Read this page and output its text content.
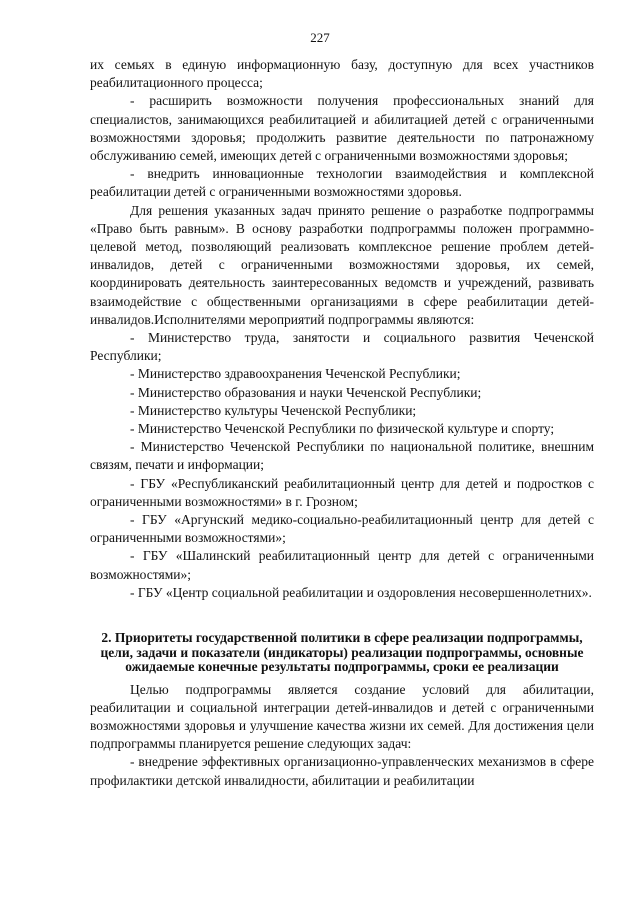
227

их семьях в единую информационную базу, доступную для всех участников реабилитационного процесса;

- расширить возможности получения профессиональных знаний для специалистов, занимающихся реабилитацией и абилитацией детей с ограниченными возможностями здоровья; продолжить развитие деятельности по патронажному обслуживанию семей, имеющих детей с ограниченными возможностями здоровья;

- внедрить инновационные технологии взаимодействия и комплексной реабилитации детей с ограниченными возможностями здоровья.

Для решения указанных задач принято решение о разработке подпрограммы «Право быть равным». В основу разработки подпрограммы положен программно-целевой метод, позволяющий реализовать комплексное решение проблем детей-инвалидов, детей с ограниченными возможностями здоровья, их семей, координировать деятельность заинтересованных ведомств и учреждений, развивать взаимодействие с общественными организациями в сфере реабилитации детей-инвалидов.Исполнителями мероприятий подпрограммы являются:

- Министерство труда, занятости и социального развития Чеченской Республики;

- Министерство здравоохранения Чеченской Республики;

- Министерство образования и науки Чеченской Республики;

- Министерство культуры Чеченской Республики;

- Министерство Чеченской Республики по физической культуре и спорту;

- Министерство Чеченской Республики по национальной политике, внешним связям, печати и информации;

- ГБУ «Республиканский реабилитационный центр для детей и подростков с ограниченными возможностями» в г. Грозном;

- ГБУ «Аргунский медико-социально-реабилитационный центр для детей с ограниченными возможностями»;

- ГБУ «Шалинский реабилитационный центр для детей с ограниченными возможностями»;

- ГБУ «Центр социальной реабилитации и оздоровления несовершеннолетних».

2. Приоритеты государственной политики в сфере реализации подпрограммы, цели, задачи и показатели (индикаторы) реализации подпрограммы, основные ожидаемые конечные результаты подпрограммы, сроки ее реализации

Целью подпрограммы является создание условий для абилитации, реабилитации и социальной интеграции детей-инвалидов и детей с ограниченными возможностями здоровья и улучшение качества жизни их семей. Для достижения цели подпрограммы планируется решение следующих задач:

- внедрение эффективных организационно-управленческих механизмов в сфере профилактики детской инвалидности, абилитации и реабилитации
